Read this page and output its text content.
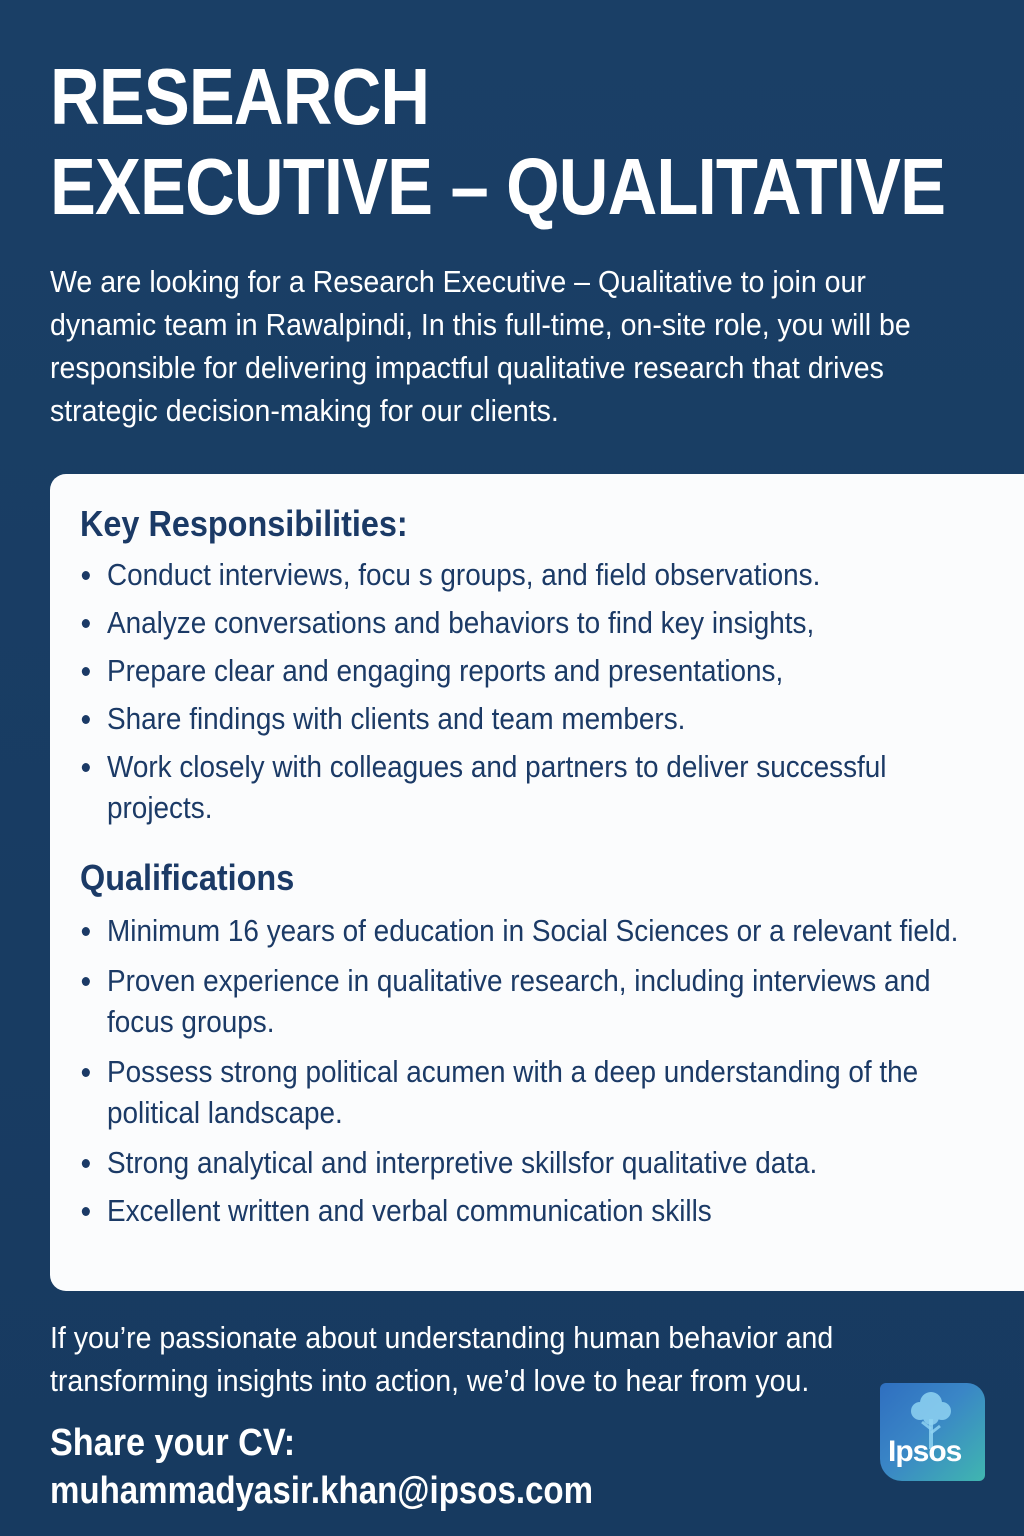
RESEARCH
EXECUTIVE – QUALITATIVE

We are looking for a Research Executive – Qualitative to join our dynamic team in Rawalpindi, In this full-time, on-site role, you will be responsible for delivering impactful qualitative research that drives strategic decision-making for our clients.

Key Responsibilities:
Conduct interviews, focu s groups, and field observations.
Analyze conversations and behaviors to find key insights,
Prepare clear and engaging reports and presentations,
Share findings with clients and team members.
Work closely with colleagues and partners to deliver successful projects.
Qualifications
Minimum 16 years of education in Social Sciences or a relevant field.
Proven experience in qualitative research, including interviews and focus groups.
Possess strong political acumen with a deep understanding of the political landscape.
Strong analytical and interpretive skillsfor qualitative data.
Excellent written and verbal communication skills

If you’re passionate about understanding human behavior and transforming insights into action, we’d love to hear from you.

Share your CV:

muhammadyasir.khan@ipsos.com

Ipsos
